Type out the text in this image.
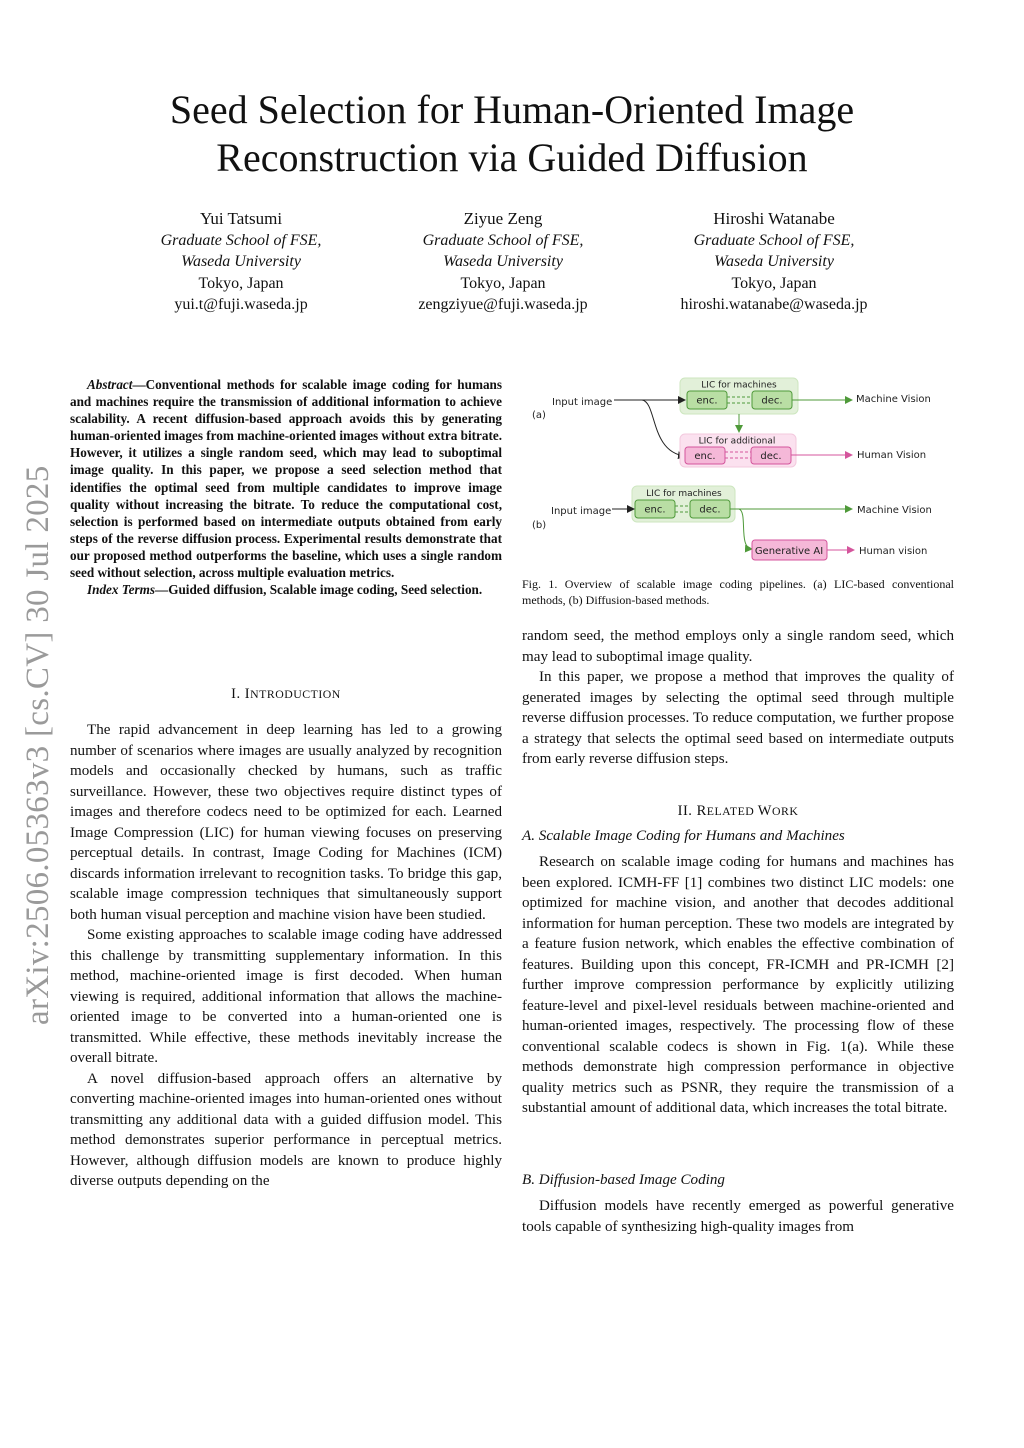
Seed Selection for Human-Oriented Image
Reconstruction via Guided Diffusion
Yui Tatsumi
Graduate School of FSE,
Waseda University
Tokyo, Japan
yui.t@fuji.waseda.jp
Ziyue Zeng
Graduate School of FSE,
Waseda University
Tokyo, Japan
zengziyue@fuji.waseda.jp
Hiroshi Watanabe
Graduate School of FSE,
Waseda University
Tokyo, Japan
hiroshi.watanabe@waseda.jp
arXiv:2506.05363v3 [cs.CV] 30 Jul 2025

Abstract—Conventional methods for scalable image coding for humans and machines require the transmission of additional information to achieve scalability. A recent diffusion-based approach avoids this by generating human-oriented images from machine-oriented images without extra bitrate. However, it utilizes a single random seed, which may lead to suboptimal image quality. In this paper, we propose a seed selection method that identifies the optimal seed from multiple candidates to improve image quality without increasing the bitrate. To reduce the computational cost, selection is performed based on intermediate outputs obtained from early steps of the reverse diffusion process. Experimental results demonstrate that our proposed method outperforms the baseline, which uses a single random seed without selection, across multiple evaluation metrics.

Index Terms—Guided diffusion, Scalable image coding, Seed selection.

I. INTRODUCTION

The rapid advancement in deep learning has led to a growing number of scenarios where images are usually analyzed by recognition models and occasionally checked by humans, such as traffic surveillance. However, these two objectives require distinct types of images and therefore codecs need to be optimized for each. Learned Image Compression (LIC) for human viewing focuses on preserving perceptual details. In contrast, Image Coding for Machines (ICM) discards information irrelevant to recognition tasks. To bridge this gap, scalable image compression techniques that simultaneously support both human visual perception and machine vision have been studied.

Some existing approaches to scalable image coding have addressed this challenge by transmitting supplementary information. In this method, machine-oriented image is first decoded. When human viewing is required, additional information that allows the machine-oriented image to be converted into a human-oriented one is transmitted. While effective, these methods inevitably increase the overall bitrate.

A novel diffusion-based approach offers an alternative by converting machine-oriented images into human-oriented ones without transmitting any additional data with a guided diffusion model. This method demonstrates superior performance in perceptual metrics. However, although diffusion models are known to produce highly diverse outputs depending on the

(a)
Input image
LIC for machines
enc.	dec.	Machine Vision
LIC for additional
enc.	dec.	Human Vision
(b)
Input image
LIC for machines
enc.	dec.	Machine Vision
Generative AI	Human vision
Fig. 1. Overview of scalable image coding pipelines. (a) LIC-based conventional methods, (b) Diffusion-based methods.

random seed, the method employs only a single random seed, which may lead to suboptimal image quality.

In this paper, we propose a method that improves the quality of generated images by selecting the optimal seed through multiple reverse diffusion processes. To reduce computation, we further propose a strategy that selects the optimal seed based on intermediate outputs from early reverse diffusion steps.

II. RELATED WORK

A. Scalable Image Coding for Humans and Machines

Research on scalable image coding for humans and machines has been explored. ICMH-FF [1] combines two distinct LIC models: one optimized for machine vision, and another that decodes additional information for human perception. These two models are integrated by a feature fusion network, which enables the effective combination of features. Building upon this concept, FR-ICMH and PR-ICMH [2] further improve compression performance by explicitly utilizing feature-level and pixel-level residuals between machine-oriented and human-oriented images, respectively. The processing flow of these conventional scalable codecs is shown in Fig. 1(a). While these methods demonstrate high compression performance in objective quality metrics such as PSNR, they require the transmission of a substantial amount of additional data, which increases the total bitrate.

B. Diffusion-based Image Coding

Diffusion models have recently emerged as powerful generative tools capable of synthesizing high-quality images from
